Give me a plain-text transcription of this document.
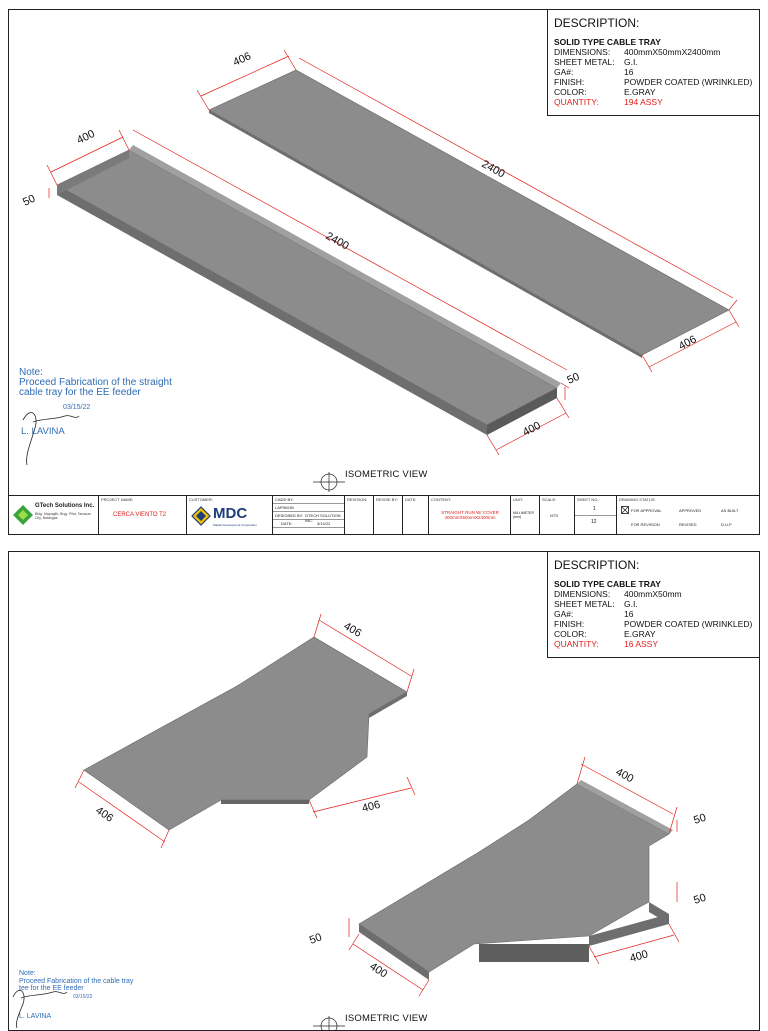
406
2400
406
400
50
2400
50
400
DESCRIPTION:
SOLID TYPE CABLE TRAY
DIMENSIONS:	400mmX50mmX2400mm
SHEET METAL:	G.I.
GA#:	16
FINISH:	POWDER COATED (WRINKLED)
COLOR:	E.GRAY
QUANTITY:	194 ASSY
Note:
Proceed Fabrication of the straight
cable tray for the EE feeder
03/15/22
L. LAVINA
ISOMETRIC VIEW
GTech Solutions Inc.
Bldg. Mapaglib, Brgy. Pilar, Tanauan City, Batangas
PROJECT NAME:
CERCA VIENTO T2
CUSTOMER:
MDC
Makati Development Corporation
CADD BY:
LAPINGIN
DESIGNED BY: GTECH SOLUTION INC.
DATE:	3/14/22
REVISION: REVISE BY: DATE:	CONTENT:
STRAIGHT RUN W/ COVER 400mmX50mmX2400mm
UNIT:
MILLIMETER (mm)
SCALE:
NTS
SHEET NO.:
1
12
DRAWING STATUS:
FOR APPROVAL	APPROVED	AS BUILT
FOR REVISION	REVISED	D.U.P
406
406	406
400
50
50
50
400
400
DESCRIPTION:
SOLID TYPE CABLE TRAY
DIMENSIONS:	400mmX50mm
SHEET METAL:	G.I.
GA#:	16
FINISH:	POWDER COATED (WRINKLED)
COLOR:	E.GRAY
QUANTITY:	16 ASSY
Note:
Proceed Fabrication of the cable tray
tee for the EE feeder
03/15/22
L. LAVINA	ISOMETRIC VIEW
